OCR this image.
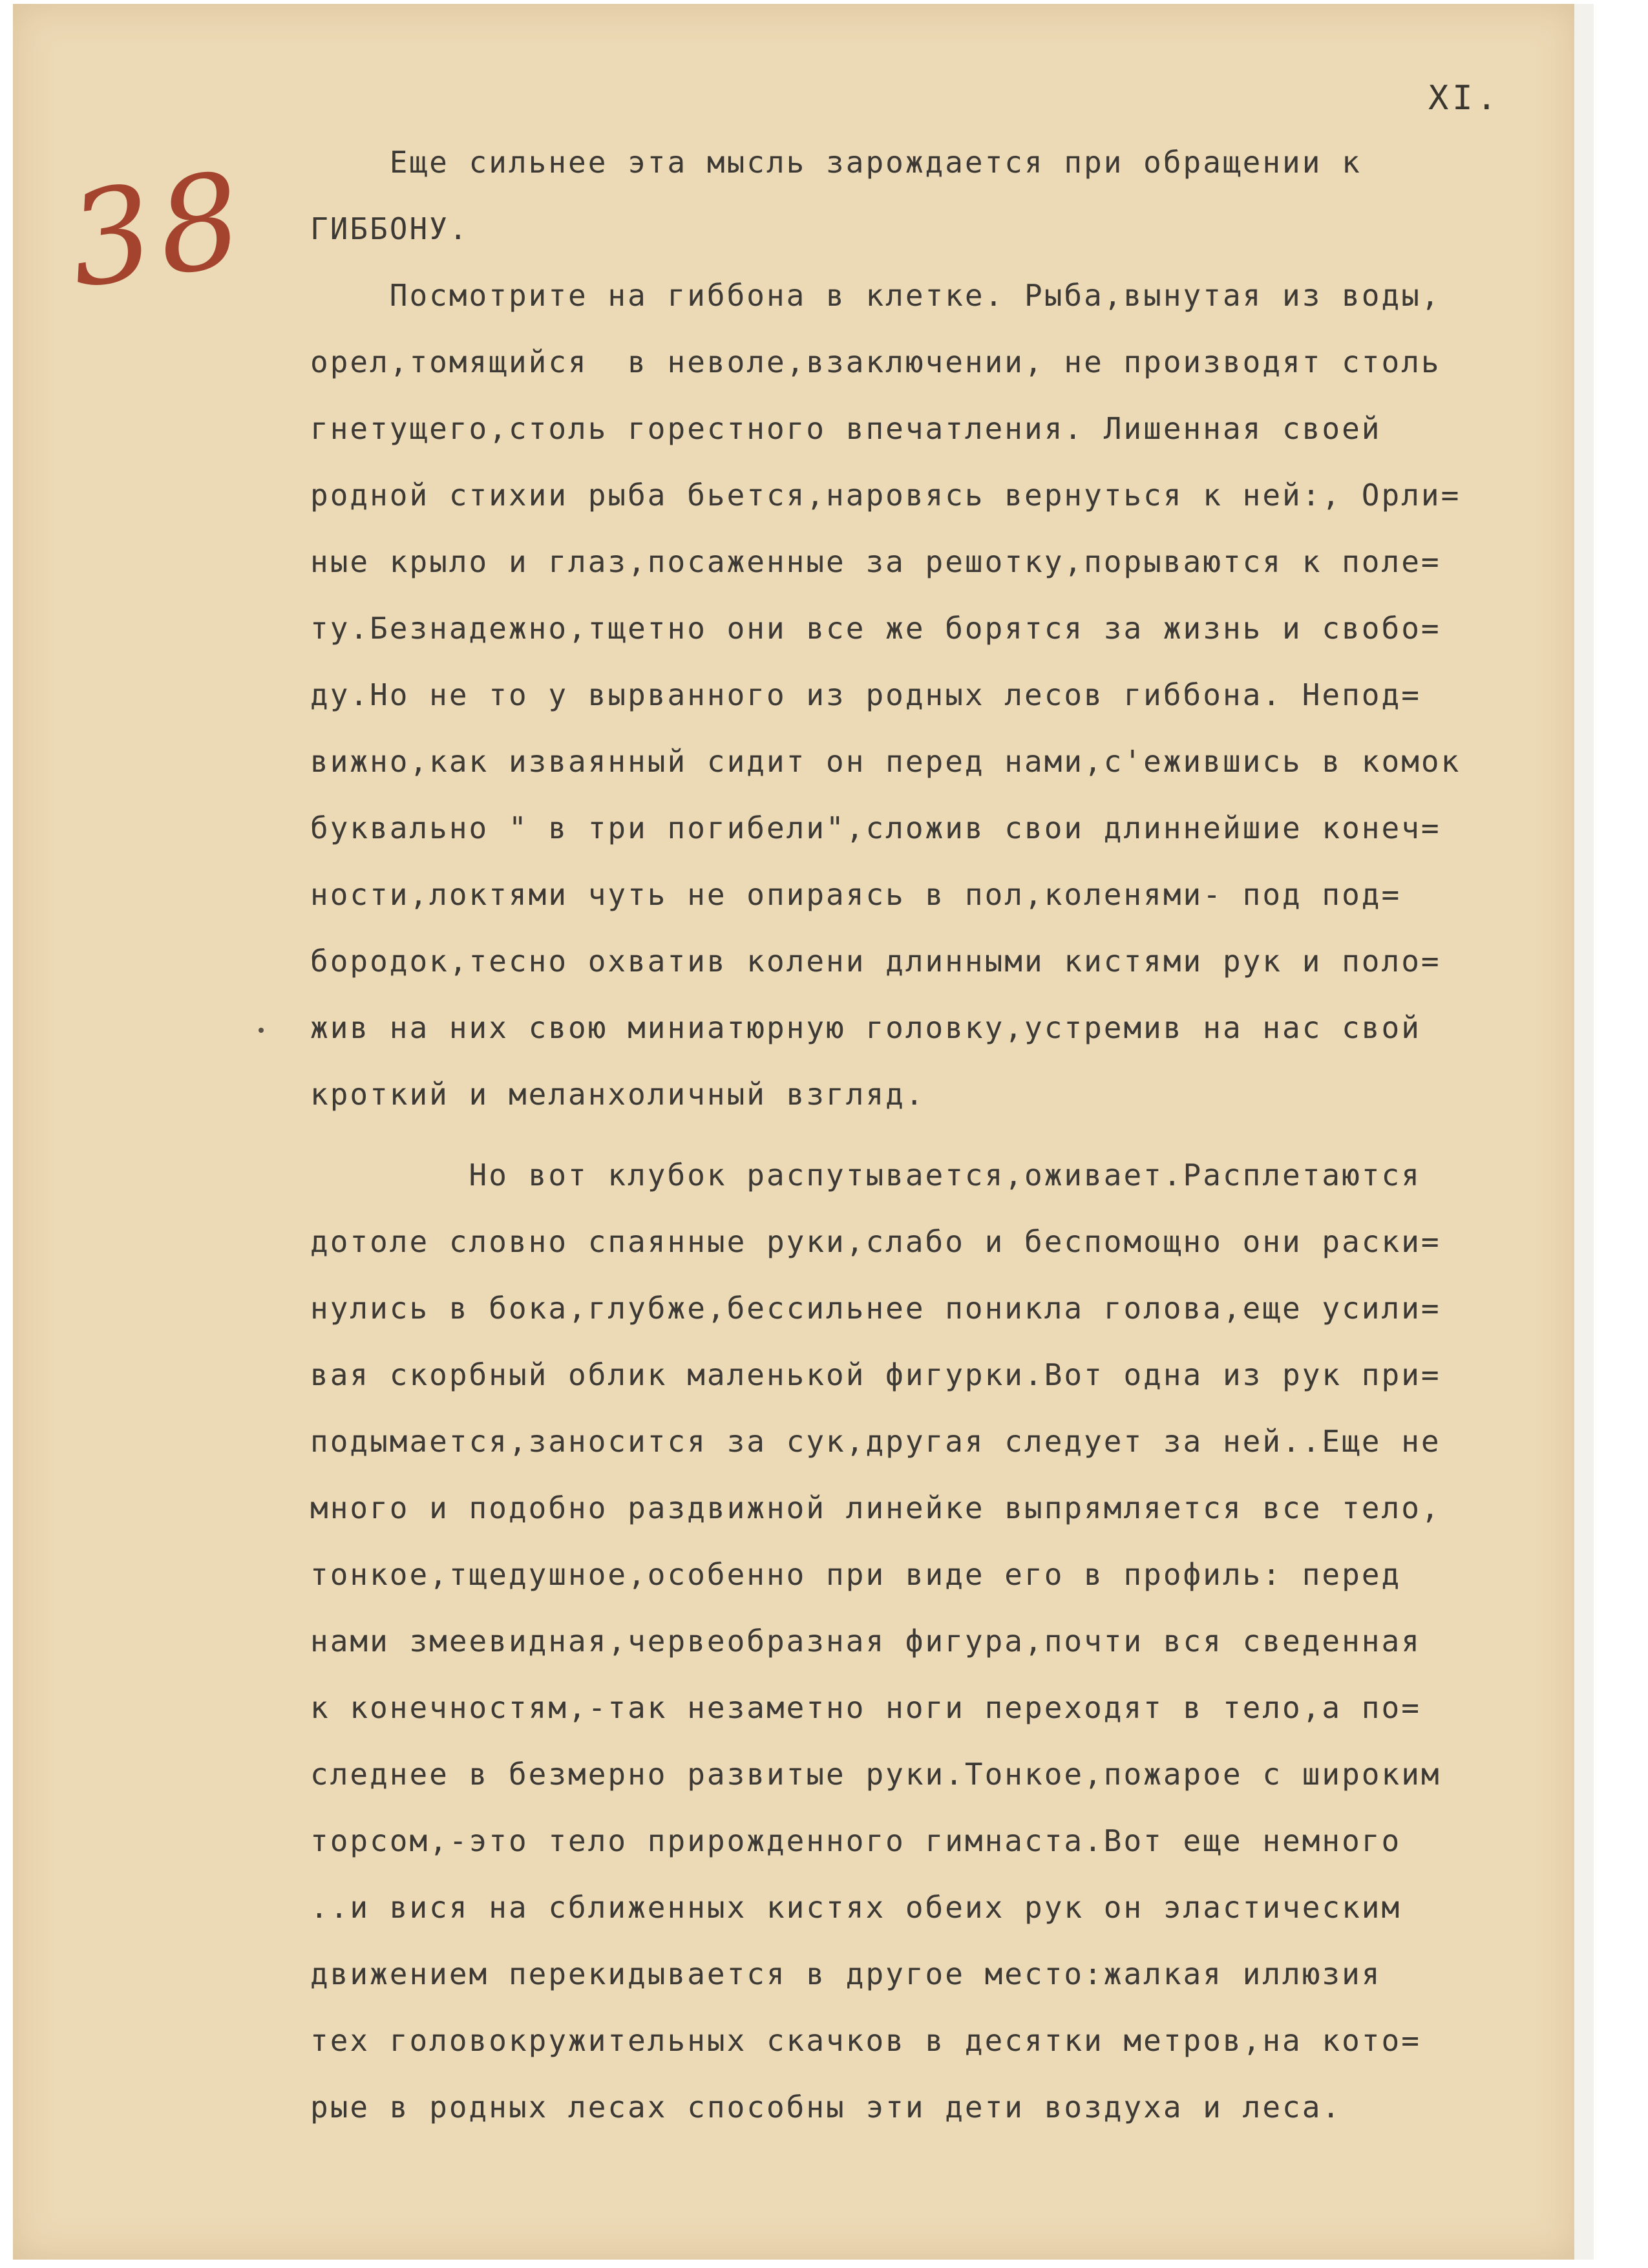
XI.
38 Еще сильнее эта мысль зарождается при обращении к
ГИББОНУ.
Посмотрите на гиббона в клетке. Рыба,вынутая из воды,
орел,томящийся  в неволе,взаключении, не производят столь
гнетущего,столь горестного впечатления. Лишенная своей
родной стихии рыба бьется,наровясь вернуться к ней:, Орли=
ные крыло и глаз,посаженные за решотку,порываются к поле=
ту.Безнадежно,тщетно они все же борятся за жизнь и свобо=
ду.Но не то у вырванного из родных лесов гиббона. Непод=
вижно,как изваянный сидит он перед нами,с'ежившись в комок
буквально " в три погибели",сложив свои длиннейшие конеч=
ности,локтями чуть не опираясь в пол,коленями- под под=
бородок,тесно охватив колени длинными кистями рук и поло=
жив на них свою миниатюрную головку,устремив на нас свой
кроткий и меланхоличный взгляд.
Но вот клубок распутывается,оживает.Расплетаются
дотоле словно спаянные руки,слабо и беспомощно они раски=
нулись в бока,глубже,бессильнее поникла голова,еще усили=
вая скорбный облик маленькой фигурки.Вот одна из рук при=
подымается,заносится за сук,другая следует за ней..Еще не
много и подобно раздвижной линейке выпрямляется все тело,
тонкое,тщедушное,особенно при виде его в профиль: перед
нами змеевидная,червеобразная фигура,почти вся сведенная
к конечностям,-так незаметно ноги переходят в тело,а по=
следнее в безмерно развитые руки.Тонкое,пожарое с широким
торсом,-это тело прирожденного гимнаста.Вот еще немного
..и вися на сближенных кистях обеих рук он эластическим
движением перекидывается в другое место:жалкая иллюзия
тех головокружительных скачков в десятки метров,на кото=
рые в родных лесах способны эти дети воздуха и леса.
